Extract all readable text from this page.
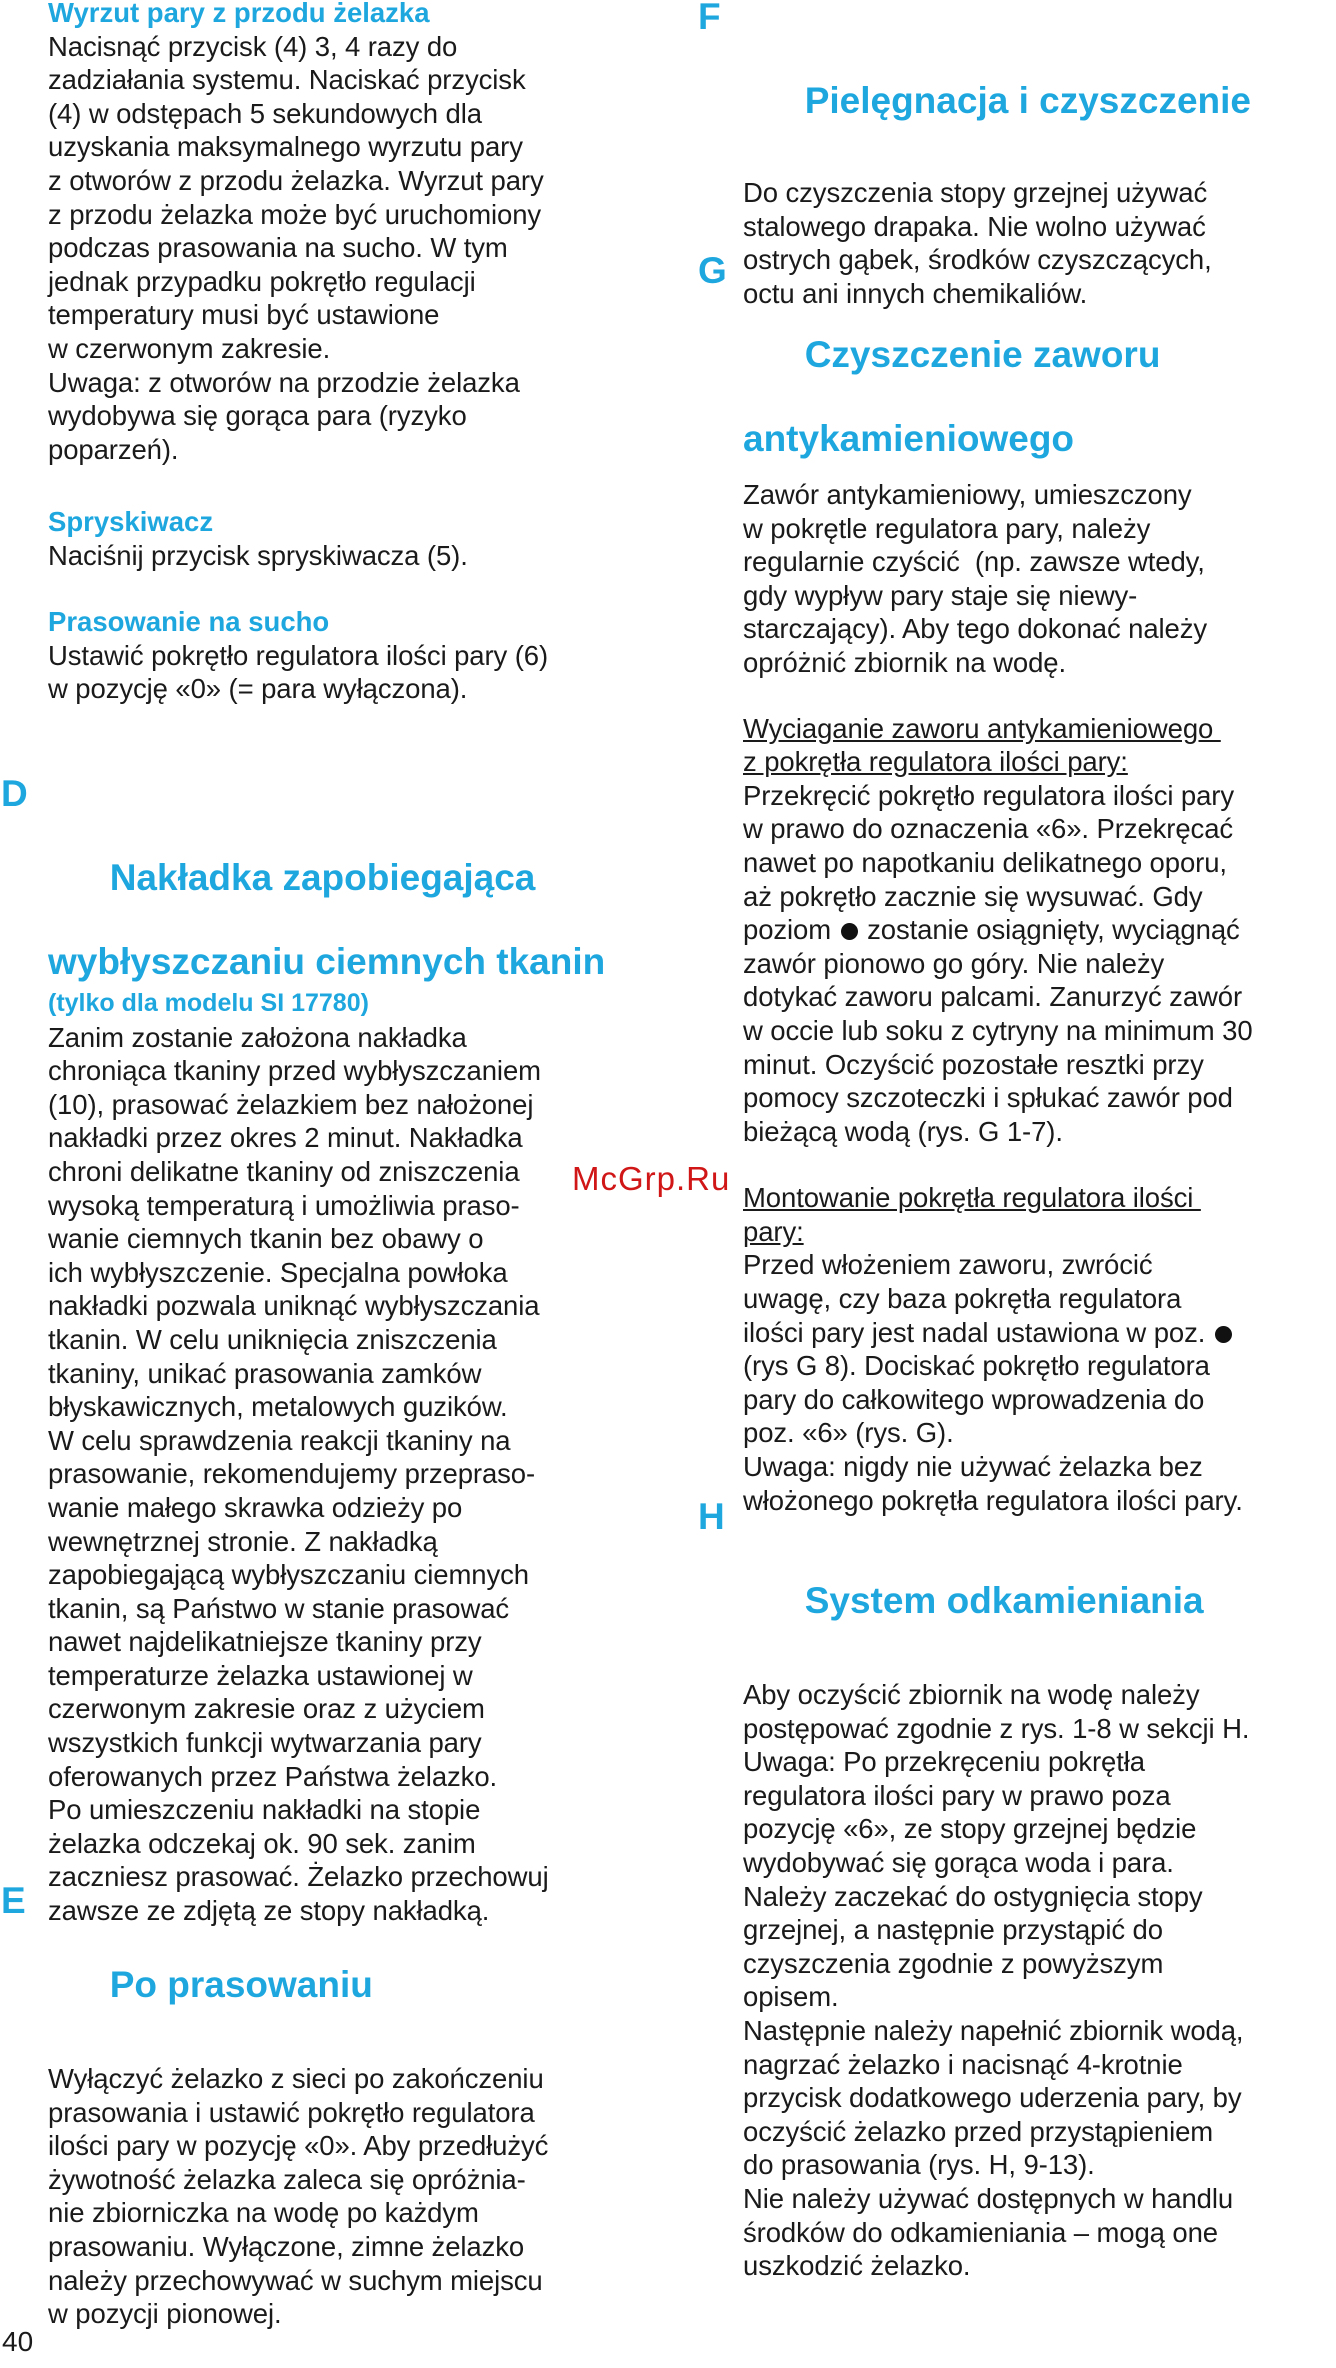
Wyrzut pary z przodu żelazka

Nacisnąć przycisk (4) 3, 4 razy do
zadziałania systemu. Naciskać przycisk
(4) w odstępach 5 sekundowych dla
uzyskania maksymalnego wyrzutu pary
z otworów z przodu żelazka. Wyrzut pary
z przodu żelazka może być uruchomiony
podczas prasowania na sucho. W tym
jednak przypadku pokrętło regulacji
temperatury musi być ustawione
w czerwonym zakresie.
Uwaga: z otworów na przodzie żelazka
wydobywa się gorąca para (ryzyko
poparzeń).

Spryskiwacz

Naciśnij przycisk spryskiwacza (5).

Prasowanie na sucho

Ustawić pokrętło regulatora ilości pary (6)
w pozycję «0» (= para wyłączona).

D

Nakładka zapobiegająca

wybłyszczaniu ciemnych tkanin

(tylko dla modelu SI 17780)

Zanim zostanie założona nakładka
chroniąca tkaniny przed wybłyszczaniem
(10), prasować żelazkiem bez nałożonej
nakładki przez okres 2 minut. Nakładka
chroni delikatne tkaniny od zniszczenia
wysoką temperaturą i umożliwia praso-
wanie ciemnych tkanin bez obawy o
ich wybłyszczenie. Specjalna powłoka
nakładki pozwala uniknąć wybłyszczania
tkanin. W celu uniknięcia zniszczenia
tkaniny, unikać prasowania zamków
błyskawicznych, metalowych guzików.
W celu sprawdzenia reakcji tkaniny na
prasowanie, rekomendujemy przepraso-
wanie małego skrawka odzieży po
wewnętrznej stronie. Z nakładką
zapobiegającą wybłyszczaniu ciemnych
tkanin, są Państwo w stanie prasować
nawet najdelikatniejsze tkaniny przy
temperaturze żelazka ustawionej w
czerwonym zakresie oraz z użyciem
wszystkich funkcji wytwarzania pary
oferowanych przez Państwa żelazko.
Po umieszczeniu nakładki na stopie
żelazka odczekaj ok. 90 sek. zanim
zaczniesz prasować. Żelazko przechowuj
zawsze ze zdjętą ze stopy nakładką.

E

Po prasowaniu

Wyłączyć żelazko z sieci po zakończeniu
prasowania i ustawić pokrętło regulatora
ilości pary w pozycję «0». Aby przedłużyć
żywotność żelazka zaleca się opróżnia-
nie zbiorniczka na wodę po każdym
prasowaniu. Wyłączone, zimne żelazko
należy przechowywać w suchym miejscu
w pozycji pionowej.

F

Pielęgnacja i czyszczenie

Do czyszczenia stopy grzejnej używać
stalowego drapaka. Nie wolno używać
ostrych gąbek, środków czyszczących,
octu ani innych chemikaliów.

G

Czyszczenie zaworu

antykamieniowego

Zawór antykamieniowy, umieszczony
w pokrętle regulatora pary, należy
regularnie czyścić  (np. zawsze wtedy,
gdy wypływ pary staje się niewy-
starczający). Aby tego dokonać należy
opróżnić zbiornik na wodę.

Wyciaganie zaworu antykamieniowego

z pokrętła regulatora ilości pary:

Przekręcić pokrętło regulatora ilości pary
w prawo do oznaczenia «6». Przekręcać
nawet po napotkaniu delikatnego oporu,
aż pokrętło zacznie się wysuwać. Gdy

poziom  zostanie osiągnięty, wyciągnąć

zawór pionowo go góry. Nie należy
dotykać zaworu palcami. Zanurzyć zawór
w occie lub soku z cytryny na minimum 30
minut. Oczyścić pozostałe resztki przy
pomocy szczoteczki i spłukać zawór pod
bieżącą wodą (rys. G 1-7).

Montowanie pokrętła regulatora ilości

pary:

Przed włożeniem zaworu, zwrócić
uwagę, czy baza pokrętła regulatora

ilości pary jest nadal ustawiona w poz.

(rys G 8). Dociskać pokrętło regulatora
pary do całkowitego wprowadzenia do
poz. «6» (rys. G).
Uwaga: nigdy nie używać żelazka bez
włożonego pokrętła regulatora ilości pary.

H

System odkamieniania

Aby oczyścić zbiornik na wodę należy
postępować zgodnie z rys. 1-8 w sekcji H.
Uwaga: Po przekręceniu pokrętła
regulatora ilości pary w prawo poza
pozycję «6», ze stopy grzejnej będzie
wydobywać się gorąca woda i para.
Należy zaczekać do ostygnięcia stopy
grzejnej, a następnie przystąpić do
czyszczenia zgodnie z powyższym
opisem.
Następnie należy napełnić zbiornik wodą,
nagrzać żelazko i nacisnąć 4-krotnie
przycisk dodatkowego uderzenia pary, by
oczyścić żelazko przed przystąpieniem
do prasowania (rys. H, 9-13).
Nie należy używać dostępnych w handlu
środków do odkamieniania – mogą one
uszkodzić żelazko.

McGrp.Ru
40
